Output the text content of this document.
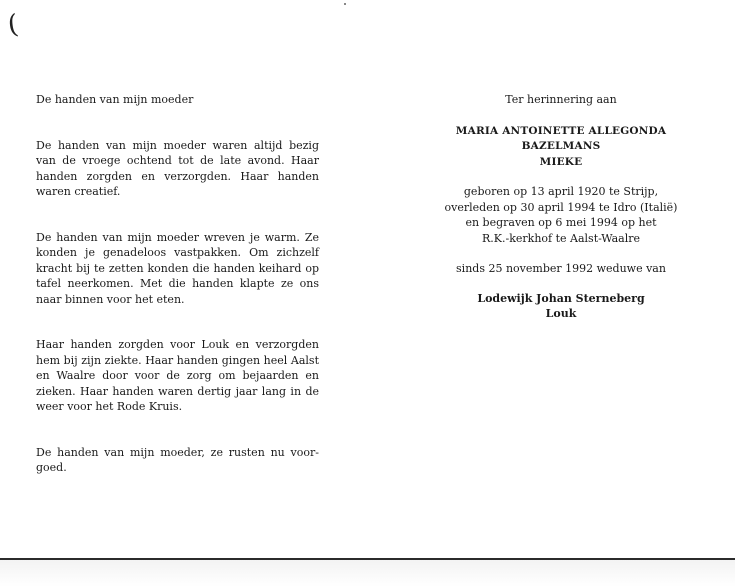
(

De handen van mijn moeder

De handen van mijn moeder waren altijd bezig van de vroege ochtend tot de late avond. Haar handen zorgden en verzorgden. Haar handen waren creatief.

De handen van mijn moeder wreven je warm. Ze konden je genadeloos vastpakken. Om zichzelf kracht bij te zetten konden die handen keihard op tafel neerkomen. Met die handen klapte ze ons naar binnen voor het eten.

Haar handen zorgden voor Louk en verzorgden hem bij zijn ziekte. Haar handen gingen heel Aalst en Waalre door voor de zorg om bejaarden en zieken. Haar handen waren dertig jaar lang in de weer voor het Rode Kruis.

De handen van mijn moeder, ze rusten nu voor-goed.

Ter herinnering aan

MARIA ANTOINETTE ALLEGONDA

BAZELMANS

MIEKE

geboren op 13 april 1920 te Strijp,

overleden op 30 april 1994 te Idro (Italië)

en begraven op 6 mei 1994 op het

R.K.-kerkhof te Aalst-Waalre

sinds 25 november 1992 weduwe van

Lodewijk Johan Sterneberg

Louk
